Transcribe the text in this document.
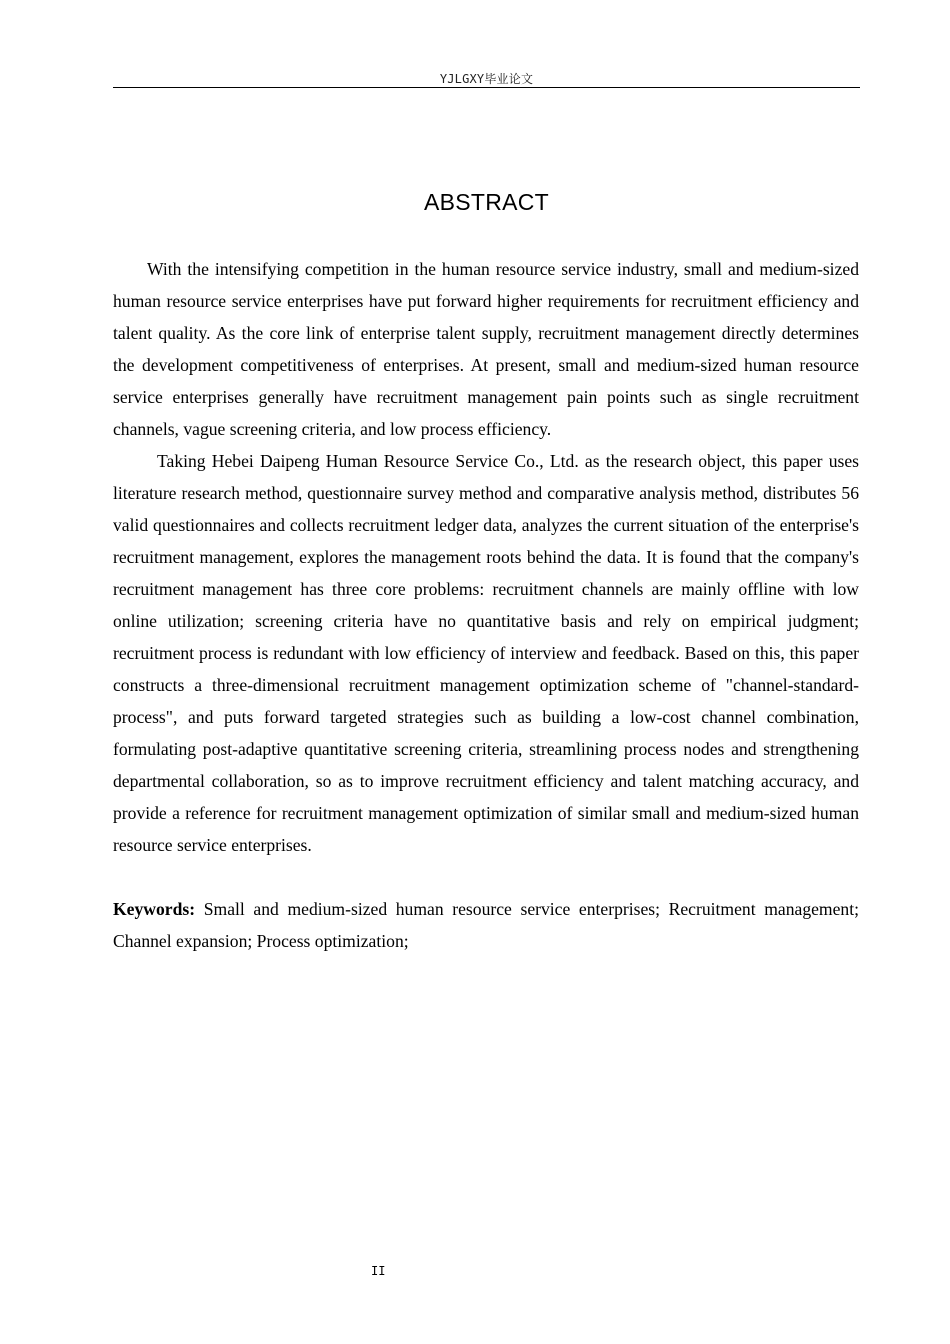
YJLGXY毕业论文
ABSTRACT

With the intensifying competition in the human resource service industry, small and medium-sized human resource service enterprises have put forward higher requirements for recruitment efficiency and talent quality. As the core link of enterprise talent supply, recruitment management directly determines the development competitiveness of enterprises. At present, small and medium-sized human resource service enterprises generally have recruitment management pain points such as single recruitment channels, vague screening criteria, and low process efficiency.

Taking Hebei Daipeng Human Resource Service Co., Ltd. as the research object, this paper uses literature research method, questionnaire survey method and comparative analysis method, distributes 56 valid questionnaires and collects recruitment ledger data, analyzes the current situation of the enterprise's recruitment management, explores the management roots behind the data. It is found that the company's recruitment management has three core problems: recruitment channels are mainly offline with low online utilization; screening criteria have no quantitative basis and rely on empirical judgment; recruitment process is redundant with low efficiency of interview and feedback. Based on this, this paper constructs a three-dimensional recruitment management optimization scheme of "channel-standard-process", and puts forward targeted strategies such as building a low-cost channel combination, formulating post-adaptive quantitative screening criteria, streamlining process nodes and strengthening departmental collaboration, so as to improve recruitment efficiency and talent matching accuracy, and provide a reference for recruitment management optimization of similar small and medium-sized human resource service enterprises.

Keywords: Small and medium-sized human resource service enterprises; Recruitment management; Channel expansion; Process optimization;

II
